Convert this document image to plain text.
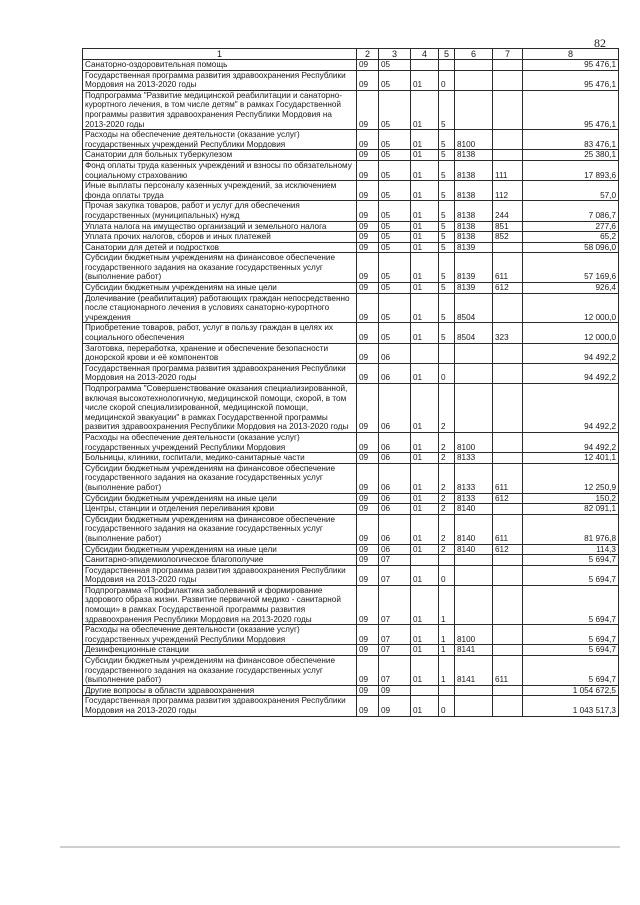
82
1	2	3	4	5	6	7	8
Санаторно-оздоровительная помощь	09	05					95 476,1
Государственная программа развития здравоохранения Республики Мордовия на 2013-2020 годы	09	05	01	0			95 476,1
Подпрограмма "Развитие медицинской реабилитации и санаторно-курортного лечения, в том числе детям" в рамках Государственной программы развития здравоохранения Республики Мордовия на 2013-2020 годы	09	05	01	5			95 476,1
Расходы на обеспечение деятельности (оказание услуг) государственных учреждений Республики Мордовия	09	05	01	5	8100		83 476,1
Санатории для больных туберкулезом	09	05	01	5	8138		25 380,1
Фонд оплаты труда казенных учреждений и взносы по обязательному социальному страхованию	09	05	01	5	8138	111	17 893,6
Иные выплаты персоналу казенных учреждений, за исключением фонда оплаты труда	09	05	01	5	8138	112	57,0
Прочая закупка товаров, работ и услуг для обеспечения государственных (муниципальных) нужд	09	05	01	5	8138	244	7 086,7
Уплата налога на имущество организаций и земельного налога	09	05	01	5	8138	851	277,6
Уплата прочих налогов, сборов и иных платежей	09	05	01	5	8138	852	65,2
Санатории для детей и подростков	09	05	01	5	8139		58 096,0
Субсидии бюджетным учреждениям на финансовое обеспечение государственного задания на оказание государственных услуг (выполнение работ)	09	05	01	5	8139	611	57 169,6
Субсидии бюджетным учреждениям на иные цели	09	05	01	5	8139	612	926,4
Долечивание (реабилитация) работающих граждан непосредственно после стационарного лечения в условиях санаторно-курортного учреждения	09	05	01	5	8504		12 000,0
Приобретение товаров, работ, услуг в пользу граждан в целях их социального обеспечения	09	05	01	5	8504	323	12 000,0
Заготовка, переработка, хранение и обеспечение безопасности донорской крови и её компонентов	09	06					94 492,2
Государственная программа развития здравоохранения Республики Мордовия на 2013-2020 годы	09	06	01	0			94 492,2
Подпрограмма "Совершенствование оказания специализированной, включая высокотехнологичную, медицинской помощи, скорой, в том числе скорой специализированной, медицинской помощи, медицинской эвакуации" в рамках Государственной программы развития здравоохранения Республики Мордовия на 2013-2020 годы	09	06	01	2			94 492,2
Расходы на обеспечение деятельности (оказание услуг) государственных учреждений Республики Мордовия	09	06	01	2	8100		94 492,2
Больницы, клиники, госпитали, медико-санитарные части	09	06	01	2	8133		12 401,1
Субсидии бюджетным учреждениям на финансовое обеспечение государственного задания на оказание государственных услуг (выполнение работ)	09	06	01	2	8133	611	12 250,9
Субсидии бюджетным учреждениям на иные цели	09	06	01	2	8133	612	150,2
Центры, станции и отделения переливания крови	09	06	01	2	8140		82 091,1
Субсидии бюджетным учреждениям на финансовое обеспечение государственного задания на оказание государственных услуг (выполнение работ)	09	06	01	2	8140	611	81 976,8
Субсидии бюджетным учреждениям на иные цели	09	06	01	2	8140	612	114,3
Санитарно-эпидемиологическое благополучие	09	07					5 694,7
Государственная программа развития здравоохранения Республики Мордовия на 2013-2020 годы	09	07	01	0			5 694,7
Подпрограмма «Профилактика заболеваний и формирование здорового образа жизни. Развитие первичной медико - санитарной помощи» в рамках Государственной программы развития здравоохранения Республики Мордовия на 2013-2020 годы	09	07	01	1			5 694,7
Расходы на обеспечение деятельности (оказание услуг) государственных учреждений Республики Мордовия	09	07	01	1	8100		5 694,7
Дезинфекционные станции	09	07	01	1	8141		5 694,7
Субсидии бюджетным учреждениям на финансовое обеспечение государственного задания на оказание государственных услуг (выполнение работ)	09	07	01	1	8141	611	5 694,7
Другие вопросы в области здравоохранения	09	09					1 054 672,5
Государственная программа развития здравоохранения Республики Мордовия на 2013-2020 годы	09	09	01	0			1 043 517,3
